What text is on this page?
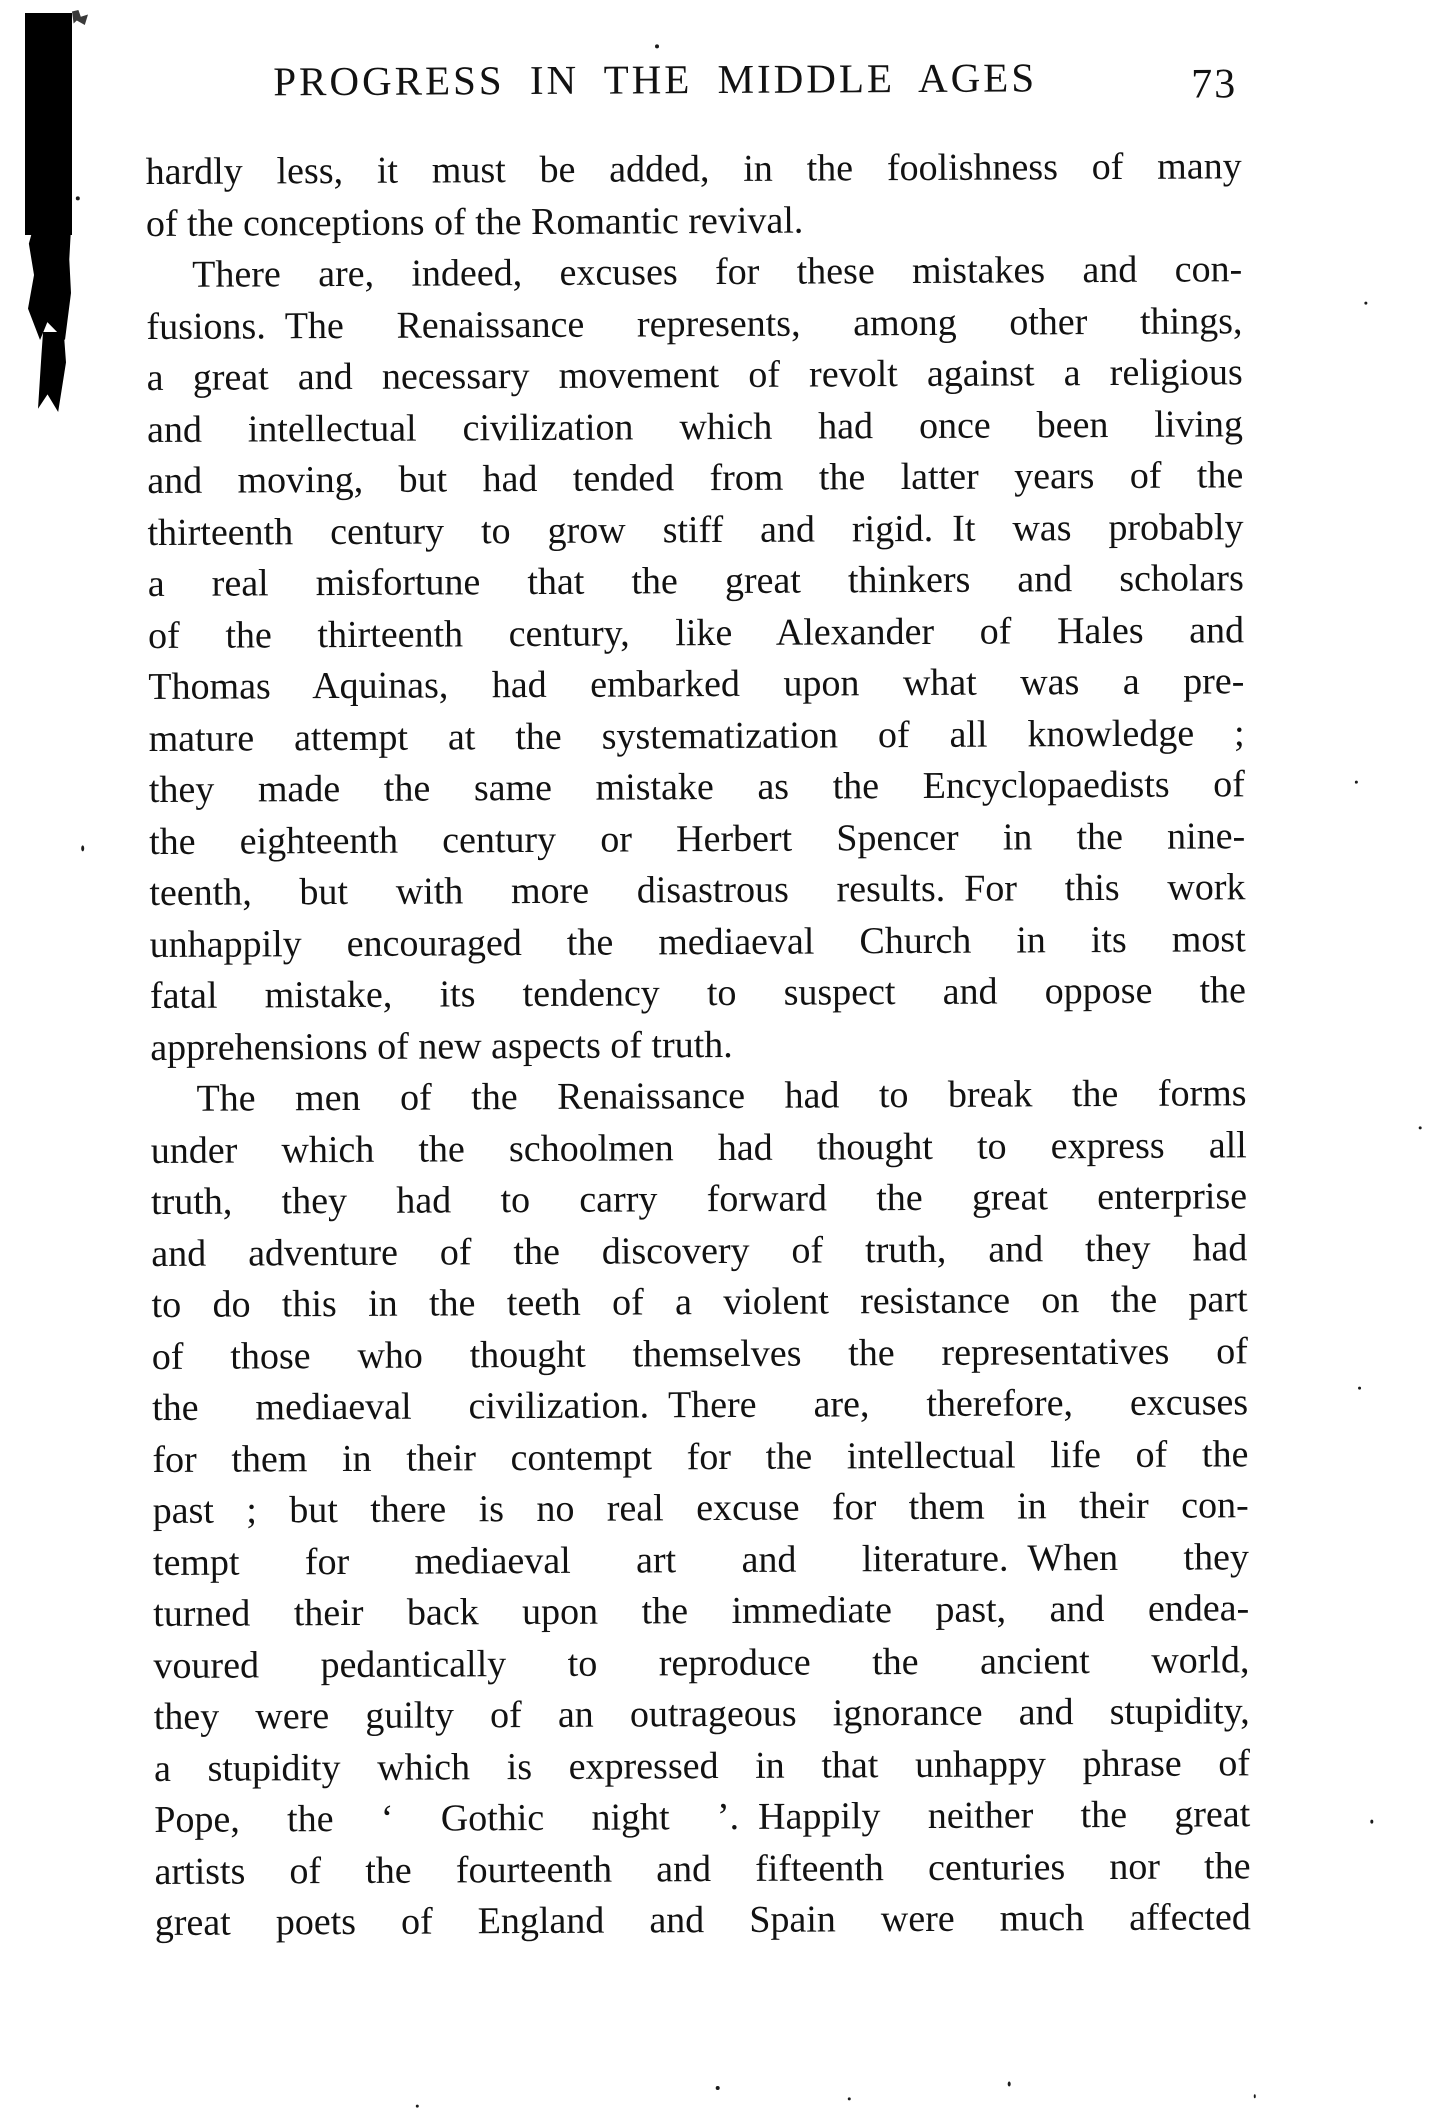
PROGRESS IN THE MIDDLE AGES	73
hardly less, it must be added, in the foolishness of many
of the conceptions of the Romantic revival.
There are, indeed, excuses for these mistakes and con-
fusions. The Renaissance represents, among other things,
a great and necessary movement of revolt against a religious
and intellectual civilization which had once been living
and moving, but had tended from the latter years of the
thirteenth century to grow stiff and rigid. It was probably
a real misfortune that the great thinkers and scholars
of the thirteenth century, like Alexander of Hales and
Thomas Aquinas, had embarked upon what was a pre-
mature attempt at the systematization of all knowledge ;
they made the same mistake as the Encyclopaedists of
the eighteenth century or Herbert Spencer in the nine-
teenth, but with more disastrous results. For this work
unhappily encouraged the mediaeval Church in its most
fatal mistake, its tendency to suspect and oppose the
apprehensions of new aspects of truth.
The men of the Renaissance had to break the forms
under which the schoolmen had thought to express all
truth, they had to carry forward the great enterprise
and adventure of the discovery of truth, and they had
to do this in the teeth of a violent resistance on the part
of those who thought themselves the representatives of
the mediaeval civilization. There are, therefore, excuses
for them in their contempt for the intellectual life of the
past ; but there is no real excuse for them in their con-
tempt for mediaeval art and literature. When they
turned their back upon the immediate past, and endea-
voured pedantically to reproduce the ancient world,
they were guilty of an outrageous ignorance and stupidity,
a stupidity which is expressed in that unhappy phrase of
Pope, the ‘ Gothic night ’. Happily neither the great
artists of the fourteenth and fifteenth centuries nor the
great poets of England and Spain were much affected
